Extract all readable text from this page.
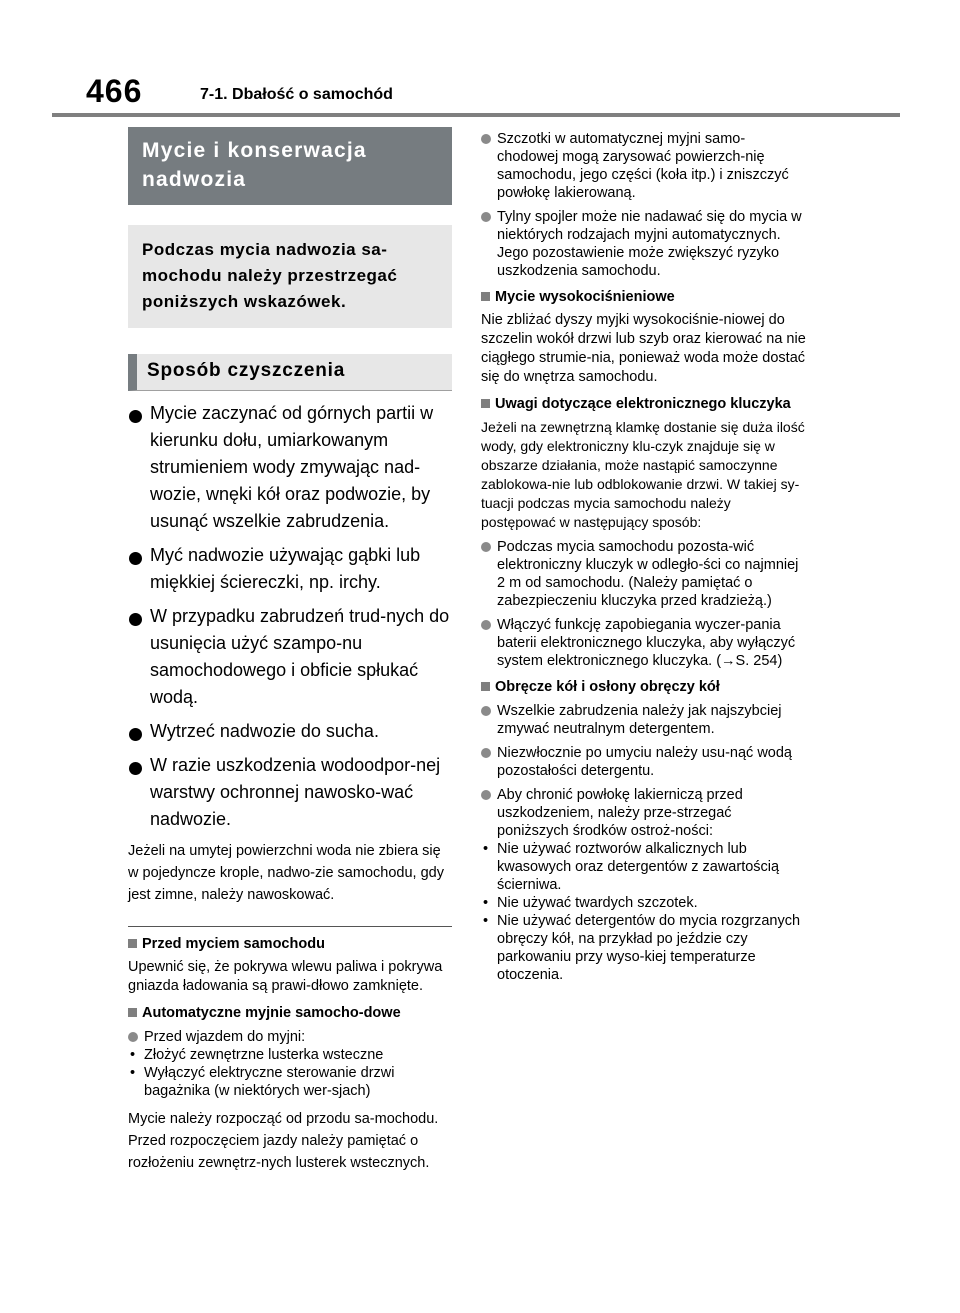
466	7-1. Dbałość o samochód
Mycie i konserwacja nadwozia
Podczas mycia nadwozia sa-mochodu należy przestrzegać poniższych wskazówek.
Sposób czyszczenia
Mycie zaczynać od górnych partii w kierunku dołu, umiarkowanym strumieniem wody zmywając nad-wozie, wnęki kół oraz podwozie, by usunąć wszelkie zabrudzenia.
Myć nadwozie używając gąbki lub miękkiej ściereczki, np. irchy.
W przypadku zabrudzeń trud-nych do usunięcia użyć szampo-nu samochodowego i obficie spłukać wodą.
Wytrzeć nadwozie do sucha.
W razie uszkodzenia wodoodpor-nej warstwy ochronnej nawosko-wać nadwozie.
Jeżeli na umytej powierzchni woda nie zbiera się w pojedyncze krople, nadwo-zie samochodu, gdy jest zimne, należy nawoskować.
Przed myciem samochodu
Upewnić się, że pokrywa wlewu paliwa i pokrywa gniazda ładowania są prawi-dłowo zamknięte.
Automatyczne myjnie samocho-dowe
Przed wjazdem do myjni:
• Złożyć zewnętrzne lusterka wsteczne
• Wyłączyć elektryczne sterowanie drzwi bagażnika (w niektórych wer-sjach)
Mycie należy rozpocząć od przodu sa-mochodu. Przed rozpoczęciem jazdy należy pamiętać o rozłożeniu zewnętrz-nych lusterek wstecznych.
Szczotki w automatycznej myjni samo-chodowej mogą zarysować powierzch-nię samochodu, jego części (koła itp.) i zniszczyć powłokę lakierowaną.
Tylny spojler może nie nadawać się do mycia w niektórych rodzajach myjni automatycznych. Jego pozostawienie może zwiększyć ryzyko uszkodzenia samochodu.
Mycie wysokociśnieniowe
Nie zbliżać dyszy myjki wysokociśnie-niowej do szczelin wokół drzwi lub szyb oraz kierować na nie ciągłego strumie-nia, ponieważ woda może dostać się do wnętrza samochodu.
Uwagi dotyczące elektronicznego kluczyka
Jeżeli na zewnętrzną klamkę dostanie się duża ilość wody, gdy elektroniczny klu-czyk znajduje się w obszarze działania, może nastąpić samoczynne zablokowa-nie lub odblokowanie drzwi. W takiej sy-tuacji podczas mycia samochodu należy postępować w następujący sposób:
Podczas mycia samochodu pozosta-wić elektroniczny kluczyk w odległo-ści co najmniej 2 m od samochodu. (Należy pamiętać o zabezpieczeniu kluczyka przed kradzieżą.)
Włączyć funkcję zapobiegania wyczer-pania baterii elektronicznego kluczyka, aby wyłączyć system elektronicznego kluczyka. (→S. 254)
Obręcze kół i osłony obręczy kół
Wszelkie zabrudzenia należy jak najszybciej zmywać neutralnym detergentem.
Niezwłocznie po umyciu należy usu-nąć wodą pozostałości detergentu.
Aby chronić powłokę lakierniczą przed uszkodzeniem, należy prze-strzegać poniższych środków ostroż-ności:
• Nie używać roztworów alkalicznych lub kwasowych oraz detergentów z zawartością ścierniwa.
• Nie używać twardych szczotek.
• Nie używać detergentów do mycia rozgrzanych obręczy kół, na przykład po jeździe czy parkowaniu przy wyso-kiej temperaturze otoczenia.
